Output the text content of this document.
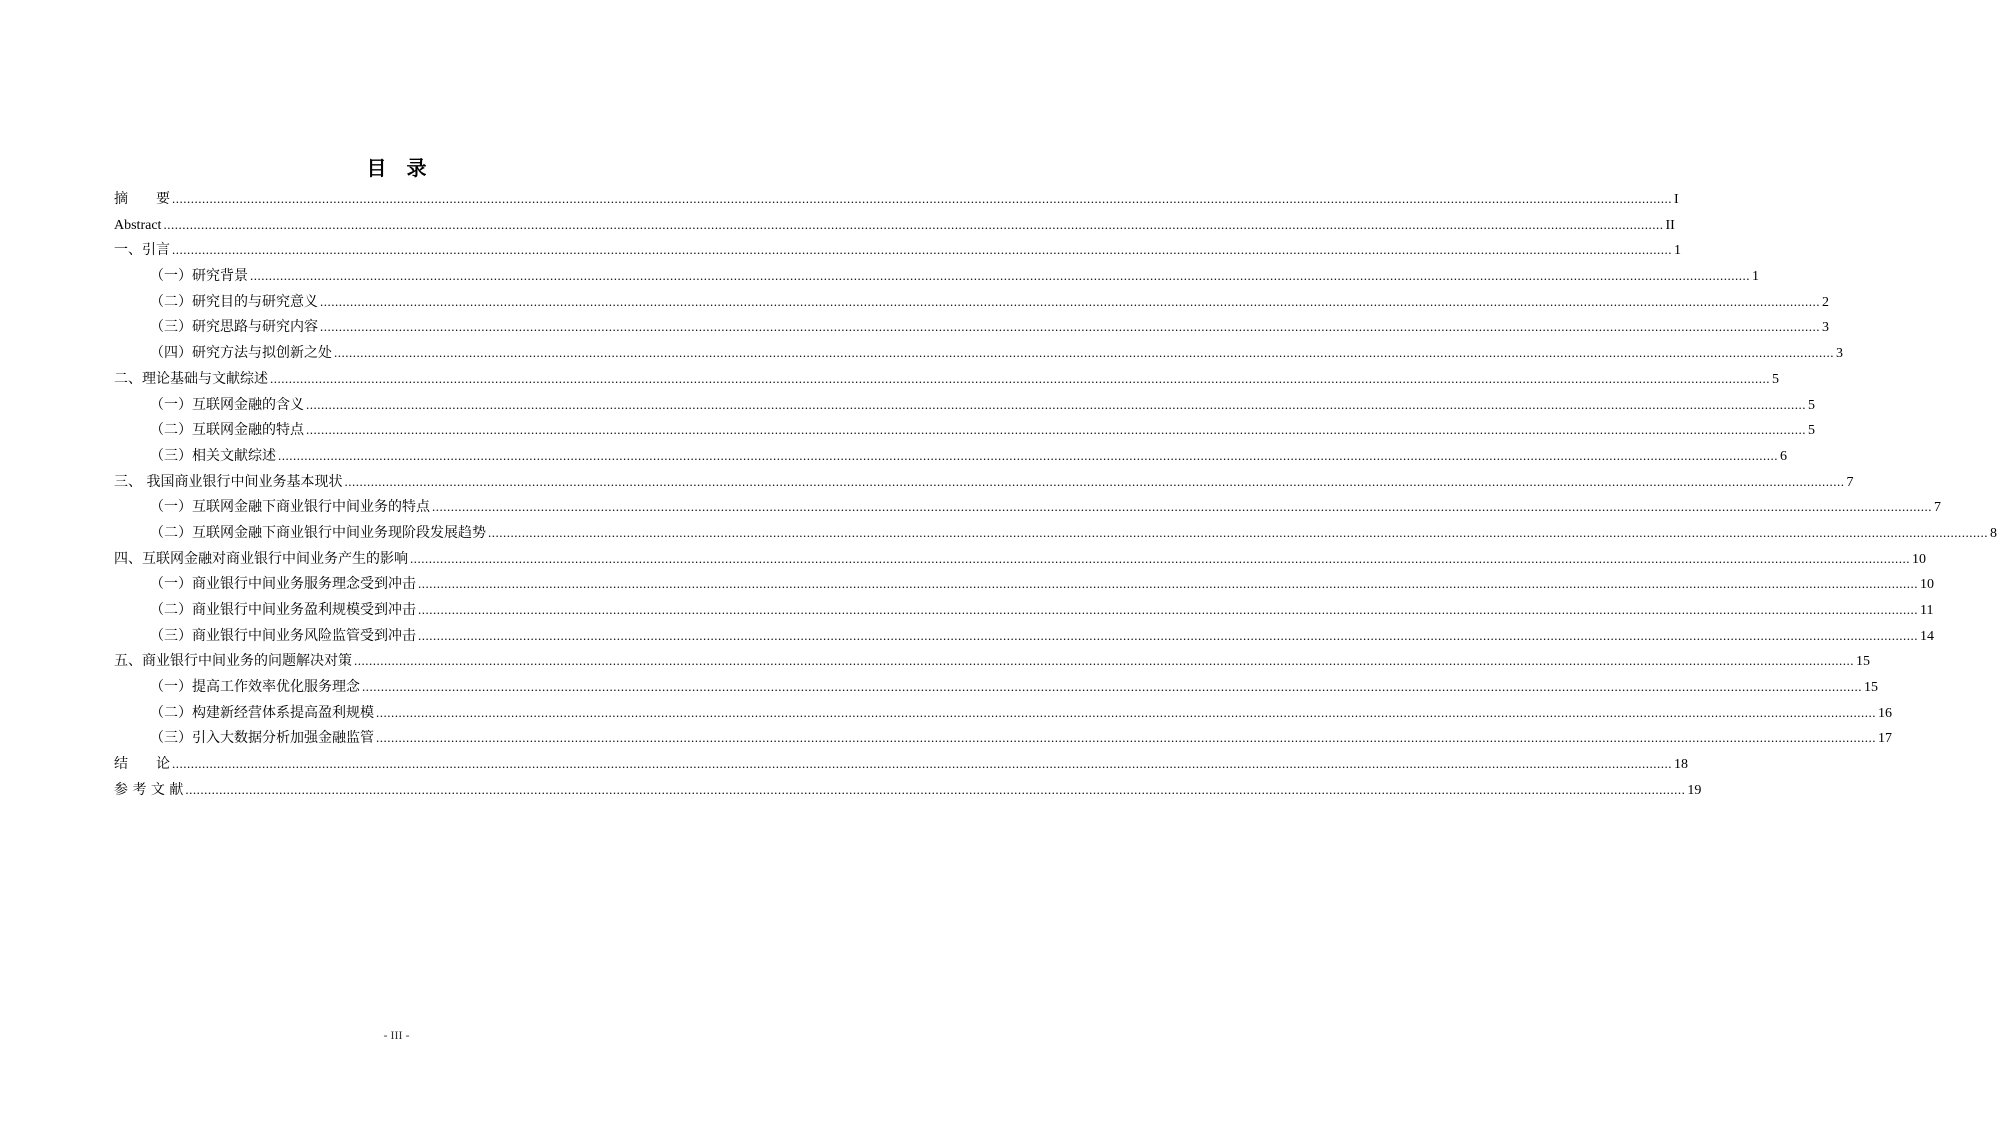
目　录
摘　　要 ................................................................................................................................................................................................................................................................................................................................................................................................................ I
Abstract ................................................................................................................................................................................................................................................................................................................................................................................................................ II
一、引言 ................................................................................................................................................................................................................................................................................................................................................................................................................ 1
（一）研究背景 ................................................................................................................................................................................................................................................................................................................................................................................................................ 1
（二）研究目的与研究意义 ................................................................................................................................................................................................................................................................................................................................................................................................................ 2
（三）研究思路与研究内容 ................................................................................................................................................................................................................................................................................................................................................................................................................ 3
（四）研究方法与拟创新之处 ................................................................................................................................................................................................................................................................................................................................................................................................................ 3
二、理论基础与文献综述 ................................................................................................................................................................................................................................................................................................................................................................................................................ 5
（一）互联网金融的含义 ................................................................................................................................................................................................................................................................................................................................................................................................................ 5
（二）互联网金融的特点 ................................................................................................................................................................................................................................................................................................................................................................................................................ 5
（三）相关文献综述 ................................................................................................................................................................................................................................................................................................................................................................................................................ 6
三、 我国商业银行中间业务基本现状 ................................................................................................................................................................................................................................................................................................................................................................................................................ 7
（一）互联网金融下商业银行中间业务的特点 ................................................................................................................................................................................................................................................................................................................................................................................................................ 7
（二）互联网金融下商业银行中间业务现阶段发展趋势 ................................................................................................................................................................................................................................................................................................................................................................................................................ 8
四、互联网金融对商业银行中间业务产生的影响 ................................................................................................................................................................................................................................................................................................................................................................................................................ 10
（一）商业银行中间业务服务理念受到冲击 ................................................................................................................................................................................................................................................................................................................................................................................................................ 10
（二）商业银行中间业务盈利规模受到冲击 ................................................................................................................................................................................................................................................................................................................................................................................................................ 11
（三）商业银行中间业务风险监管受到冲击 ................................................................................................................................................................................................................................................................................................................................................................................................................ 14
五、商业银行中间业务的问题解决对策 ................................................................................................................................................................................................................................................................................................................................................................................................................ 15
（一）提高工作效率优化服务理念 ................................................................................................................................................................................................................................................................................................................................................................................................................ 15
（二）构建新经营体系提高盈利规模 ................................................................................................................................................................................................................................................................................................................................................................................................................ 16
（三）引入大数据分析加强金融监管 ................................................................................................................................................................................................................................................................................................................................................................................................................ 17
结　　论 ................................................................................................................................................................................................................................................................................................................................................................................................................ 18
参 考 文 献 ................................................................................................................................................................................................................................................................................................................................................................................................................ 19
- III -
